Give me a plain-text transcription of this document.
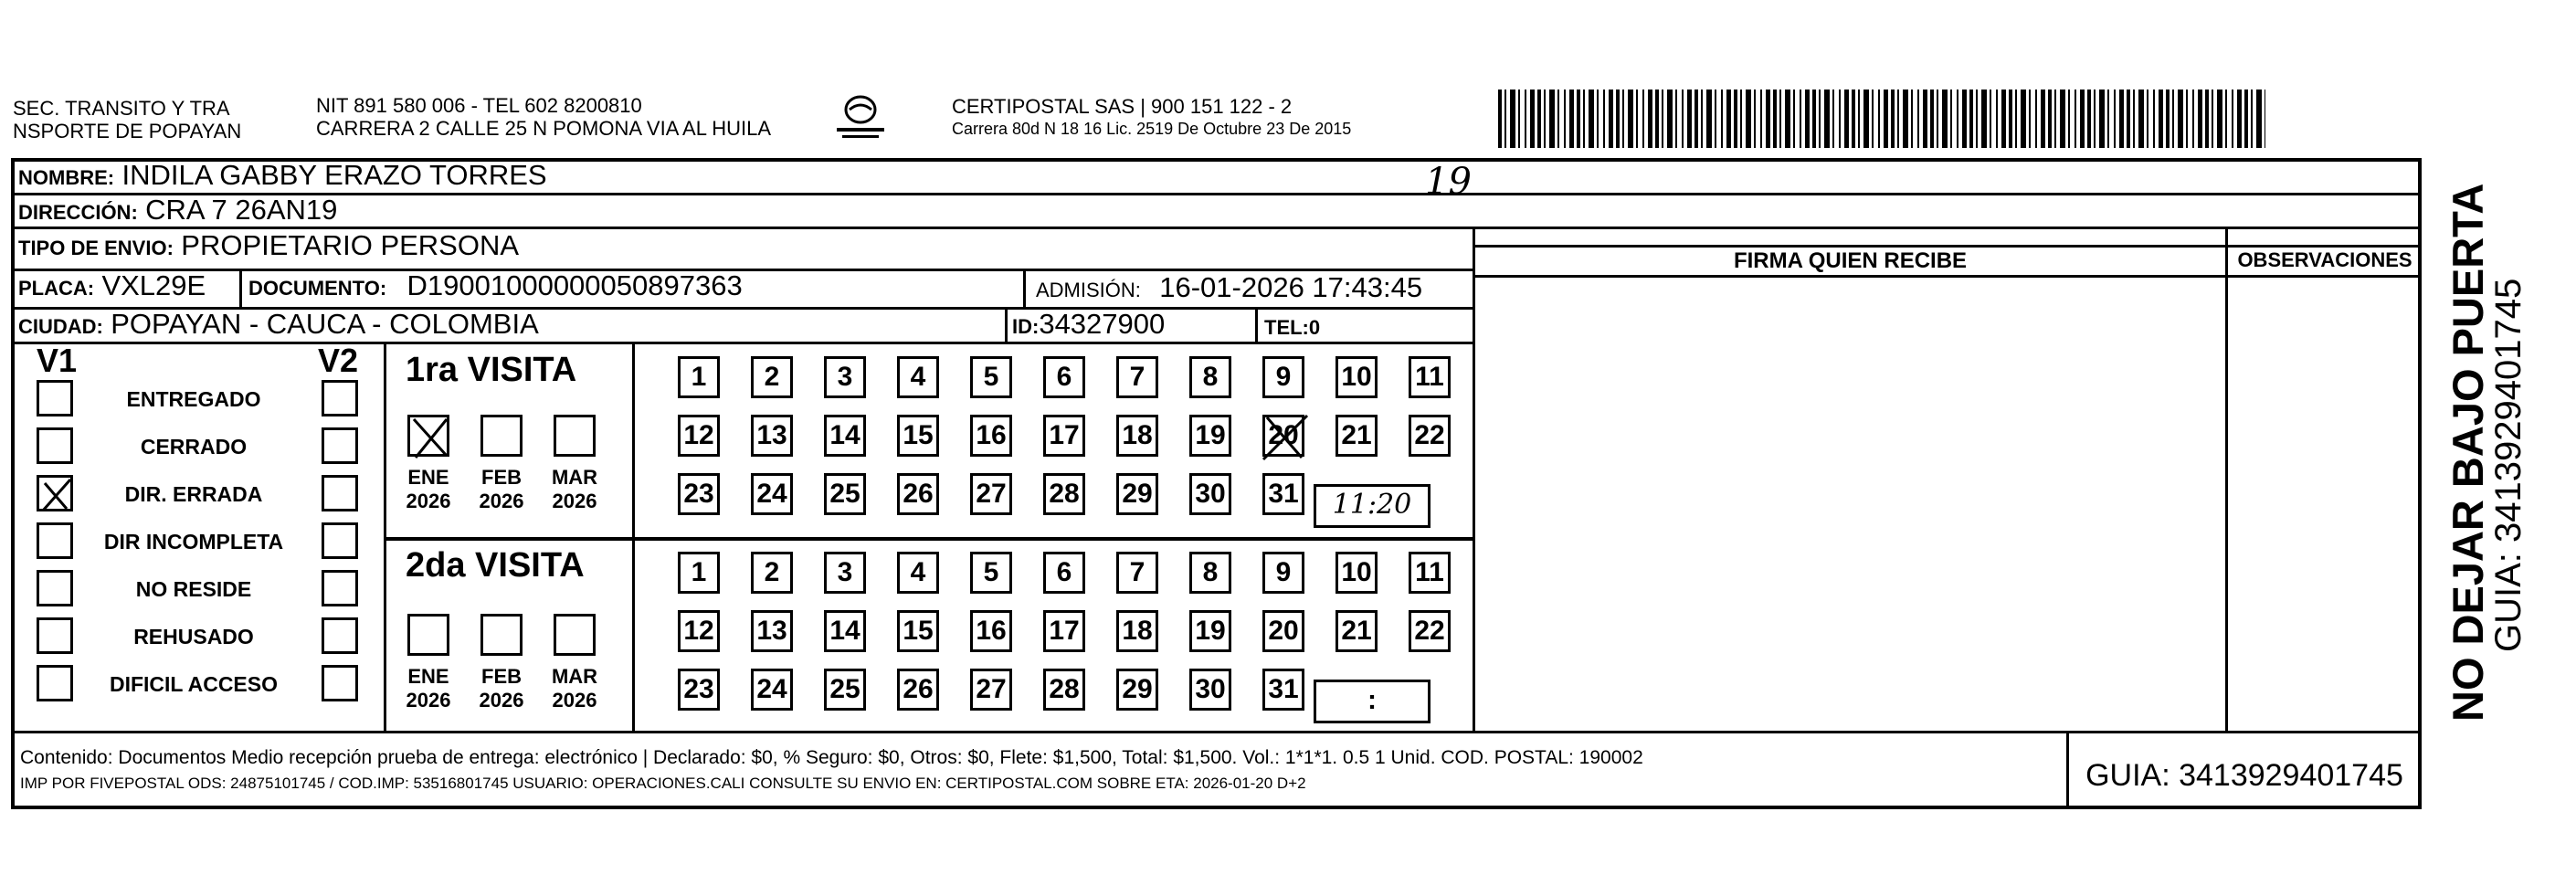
SEC. TRANSITO Y TRA
NSPORTE DE POPAYAN
NIT 891 580 006 - TEL 602 8200810
CARRERA 2 CALLE 25 N POMONA VIA AL HUILA
CERTIPOSTAL SAS | 900 151 122 - 2
Carrera 80d N 18 16 Lic. 2519 De Octubre 23 De 2015
NOMBRE: INDILA GABBY ERAZO TORRES
DIRECCIÓN: CRA 7 26AN19
TIPO DE ENVIO: PROPIETARIO PERSONA
PLACA: VXL29E DOCUMENTO: D19001000000050897363	ADMISIÓN: 16-01-2026 17:43:45
CIUDAD: POPAYAN - CAUCA - COLOMBIA	ID:34327900	TEL:0
FIRMA QUIEN RECIBE	OBSERVACIONES
V1	V2
ENTREGADO
CERRADO
DIR. ERRADA
DIR INCOMPLETA
NO RESIDE
REHUSADO
DIFICIL ACCESO
1ra VISITA
ENE
2026
FEB
2026
MAR
2026
1	2	3	4	5	6	7	8	9	10 11
12 13 14 15 16 17 18 19 20 21 22
23 24 25 26 27 28 29 30 31	11:20
2da VISITA
ENE
2026
FEB
2026
MAR
2026
1	2	3	4	5	6	7	8	9	10 11
12 13 14 15 16 17 18 19 20 21 22
23 24 25 26 27 28 29 30 31	:
19
Contenido: Documentos Medio recepción prueba de entrega: electrónico | Declarado: $0, % Seguro: $0, Otros: $0, Flete: $1,500, Total: $1,500. Vol.: 1*1*1. 0.5 1 Unid. COD. POSTAL: 190002
IMP POR FIVEPOSTAL ODS: 24875101745 / COD.IMP: 53516801745 USUARIO: OPERACIONES.CALI CONSULTE SU ENVIO EN: CERTIPOSTAL.COM SOBRE ETA: 2026-01-20 D+2	GUIA: 3413929401745
NO DEJAR BAJO PUERTA
GUIA: 3413929401745
